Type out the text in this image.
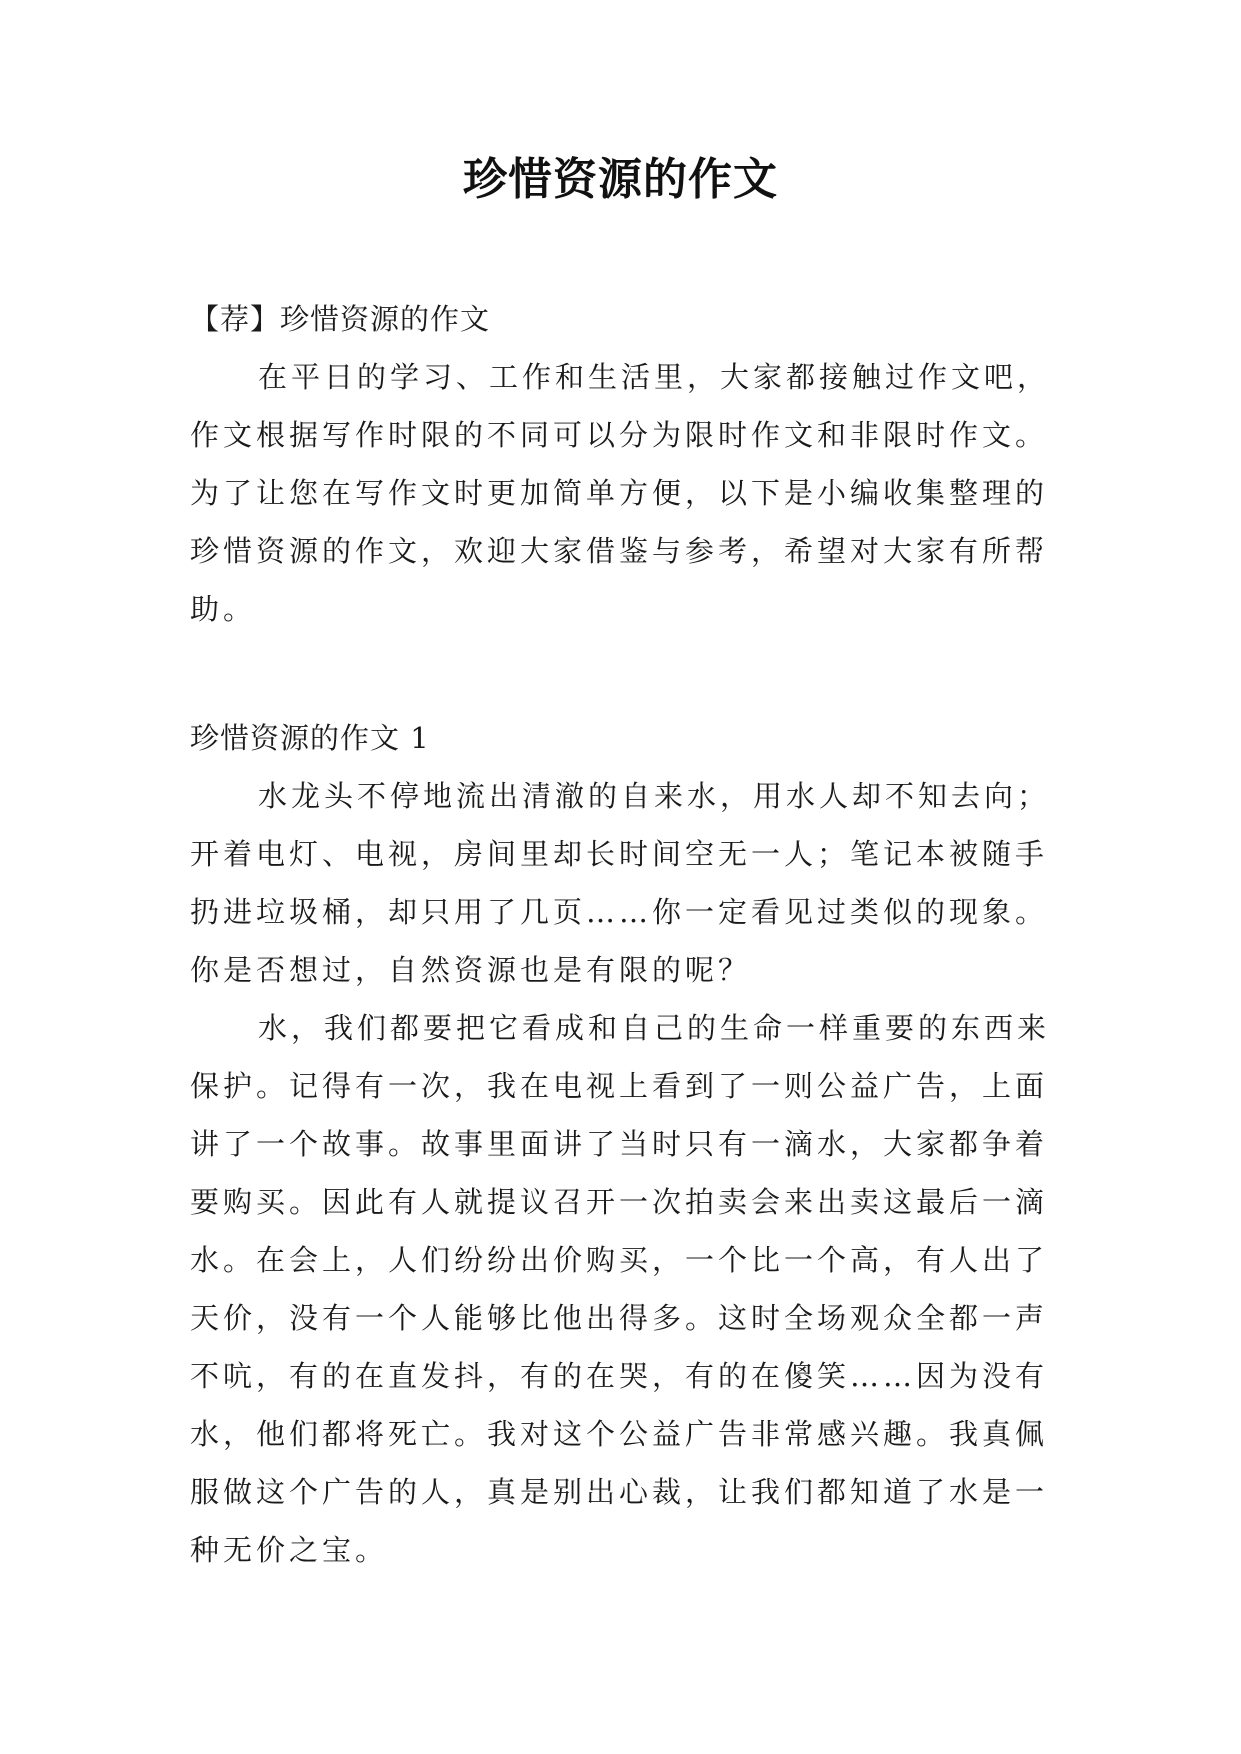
珍惜资源的作文
【荐】珍惜资源的作文
在平日的学习、工作和生活里，大家都接触过作文吧，
作文根据写作时限的不同可以分为限时作文和非限时作文。
为了让您在写作文时更加简单方便，以下是小编收集整理的
珍惜资源的作文，欢迎大家借鉴与参考，希望对大家有所帮
助。
珍惜资源的作文 1
水龙头不停地流出清澈的自来水，用水人却不知去向；
开着电灯、电视，房间里却长时间空无一人；笔记本被随手
扔进垃圾桶，却只用了几页……你一定看见过类似的现象。
你是否想过，自然资源也是有限的呢？
水，我们都要把它看成和自己的生命一样重要的东西来
保护。记得有一次，我在电视上看到了一则公益广告，上面
讲了一个故事。故事里面讲了当时只有一滴水，大家都争着
要购买。因此有人就提议召开一次拍卖会来出卖这最后一滴
水。在会上，人们纷纷出价购买，一个比一个高，有人出了
天价，没有一个人能够比他出得多。这时全场观众全都一声
不吭，有的在直发抖，有的在哭，有的在傻笑……因为没有
水，他们都将死亡。我对这个公益广告非常感兴趣。我真佩
服做这个广告的人，真是别出心裁，让我们都知道了水是一
种无价之宝。
